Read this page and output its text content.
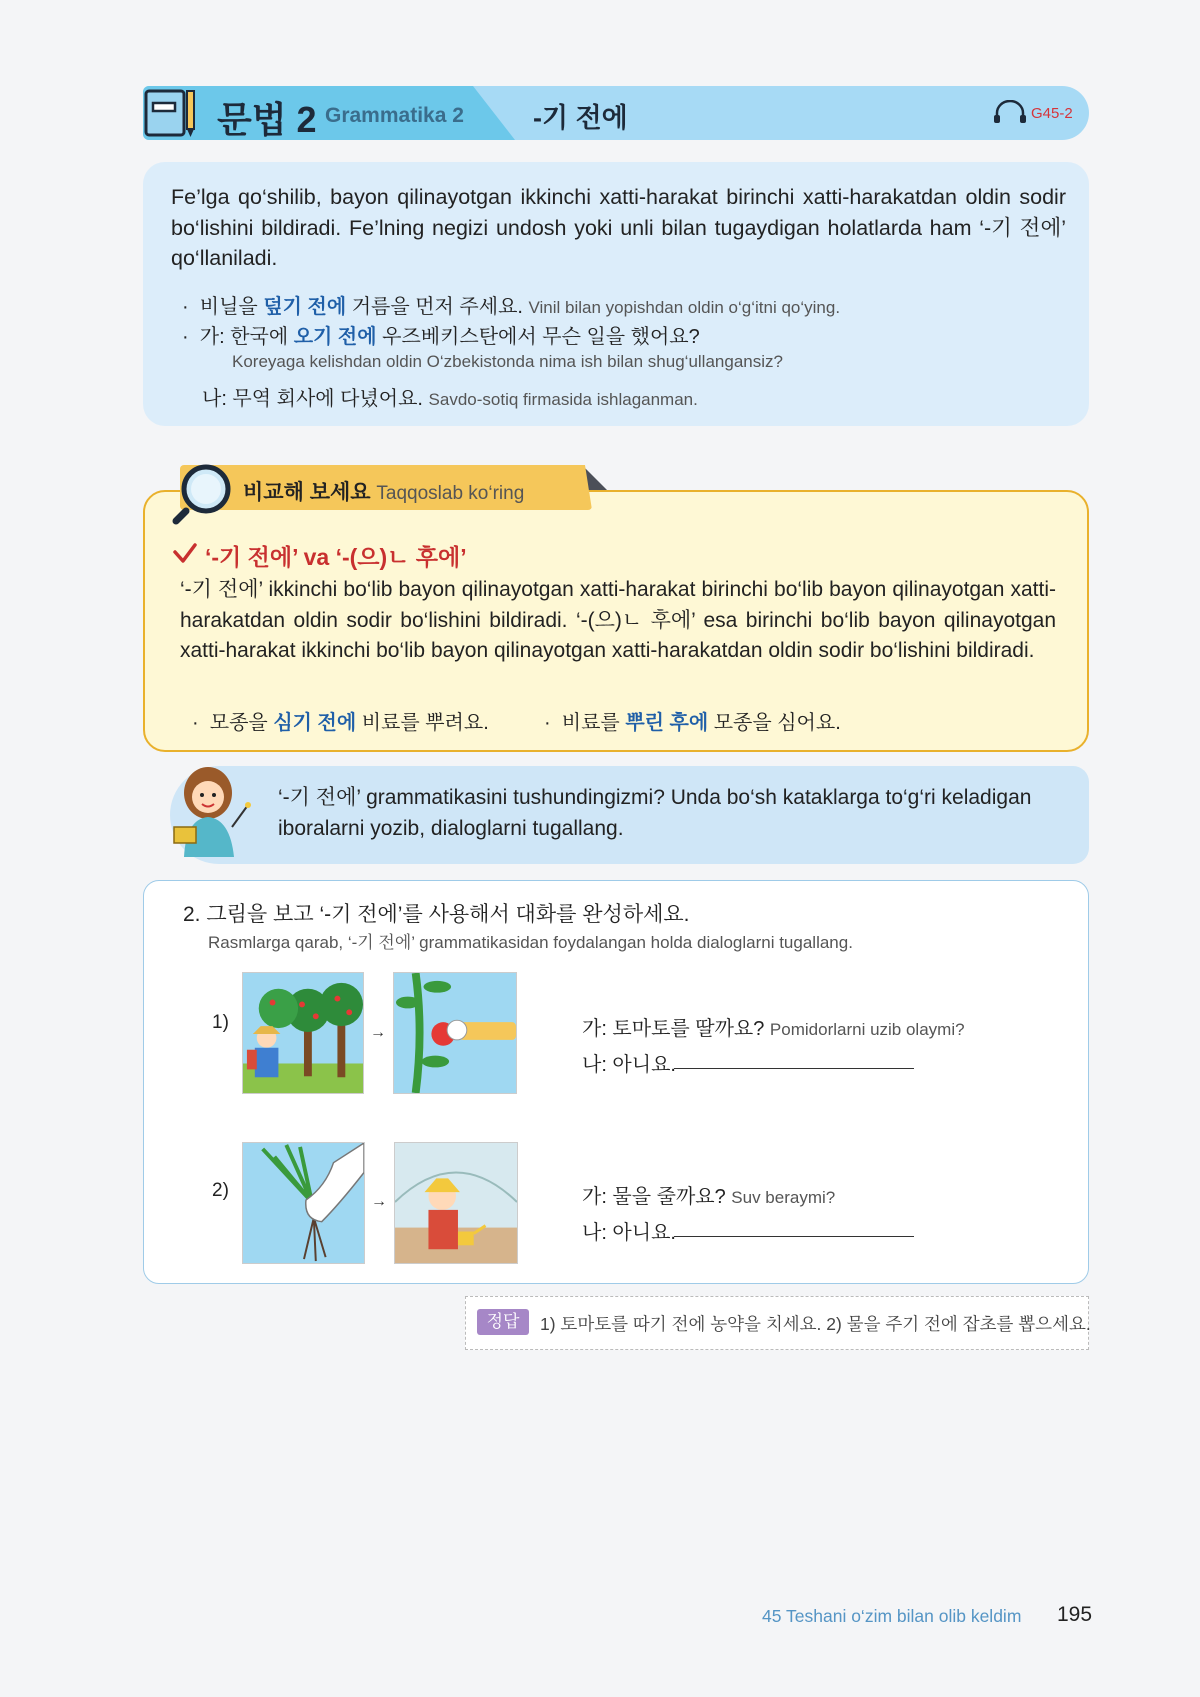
문법 2 Grammatika 2	-기 전에	G45-2
Fe’lga qo‘shilib, bayon qilinayotgan ikkinchi xatti-harakat birinchi xatti-harakatdan oldin sodir bo‘lishini bildiradi. Fe’lning negizi undosh yoki unli bilan tugaydigan holatlarda ham ‘-기 전에’ qo‘llaniladi.
·  비닐을 덮기 전에 거름을 먼저 주세요. Vinil bilan yopishdan oldin o‘g‘itni qo‘ying.
·  가: 한국에 오기 전에 우즈베키스탄에서 무슨 일을 했어요?
Koreyaga kelishdan oldin O‘zbekistonda nima ish bilan shug‘ullangansiz?
나: 무역 회사에 다녔어요. Savdo-sotiq firmasida ishlaganman.
비교해 보세요 Taqqoslab ko‘ring
‘-기 전에’ va ‘-(으)ㄴ 후에’
‘-기 전에’ ikkinchi bo‘lib bayon qilinayotgan xatti-harakat birinchi bo‘lib bayon qilinayotgan xatti-harakatdan oldin sodir bo‘lishini bildiradi. ‘-(으)ㄴ 후에’ esa birinchi bo‘lib bayon qilinayotgan xatti-harakat ikkinchi bo‘lib bayon qilinayotgan xatti-harakatdan oldin sodir bo‘lishini bildiradi.
·  모종을 심기 전에 비료를 뿌려요.	·  비료를 뿌린 후에 모종을 심어요.
‘-기 전에’ grammatikasini tushundingizmi? Unda bo‘sh kataklarga to‘g‘ri keladigan iboralarni yozib, dialoglarni tugallang.
2. 그림을 보고 ‘-기 전에’를 사용해서 대화를 완성하세요.
Rasmlarga qarab, ‘-기 전에’ grammatikasidan foydalangan holda dialoglarni tugallang.
1)	→	가: 토마토를 딸까요? Pomidorlarni uzib olaymi?
나: 아니요.
2)
→	가: 물을 줄까요? Suv beraymi?
나: 아니요.
정답	1) 토마토를 따기 전에 농약을 치세요. 2) 물을 주기 전에 잡초를 뽑으세요.
45 Teshani o‘zim bilan olib keldim 195
